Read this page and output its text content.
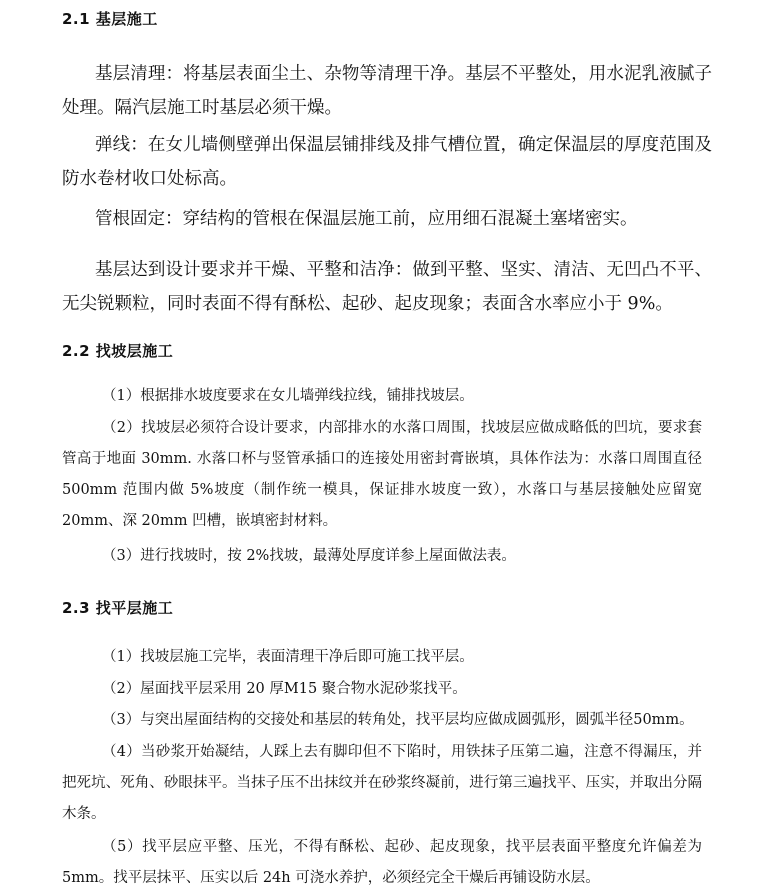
2.1 基层施工

基层清理：将基层表面尘土、杂物等清理干净。基层不平整处，用水泥乳液腻子处理。隔汽层施工时基层必须干燥。

弹线：在女儿墙侧壁弹出保温层铺排线及排气槽位置，确定保温层的厚度范围及防水卷材收口处标高。

管根固定：穿结构的管根在保温层施工前，应用细石混凝土塞堵密实。

基层达到设计要求并干燥、平整和洁净：做到平整、坚实、清洁、无凹凸不平、无尖锐颗粒，同时表面不得有酥松、起砂、起皮现象；表面含水率应小于 9%。

2.2 找坡层施工

（1）根据排水坡度要求在女儿墙弹线拉线，铺排找坡层。

（2）找坡层必须符合设计要求，内部排水的水落口周围，找坡层应做成略低的凹坑，要求套管高于地面 30mm. 水落口杯与竖管承插口的连接处用密封膏嵌填，具体作法为：水落口周围直径 500mm 范围内做 5%坡度（制作统一模具，保证排水坡度一致），水落口与基层接触处应留宽 20mm、深 20mm 凹槽，嵌填密封材料。

（3）进行找坡时，按 2%找坡，最薄处厚度详参上屋面做法表。

2.3 找平层施工

（1）找坡层施工完毕，表面清理干净后即可施工找平层。

（2）屋面找平层采用 20 厚M15 聚合物水泥砂浆找平。

（3）与突出屋面结构的交接处和基层的转角处，找平层均应做成圆弧形，圆弧半径50mm。

（4）当砂浆开始凝结，人踩上去有脚印但不下陷时，用铁抹子压第二遍，注意不得漏压，并把死坑、死角、砂眼抹平。当抹子压不出抹纹并在砂浆终凝前，进行第三遍找平、压实，并取出分隔木条。

（5）找平层应平整、压光，不得有酥松、起砂、起皮现象，找平层表面平整度允许偏差为5mm。找平层抹平、压实以后 24h 可浇水养护，必须经完全干燥后再铺设防水层。
